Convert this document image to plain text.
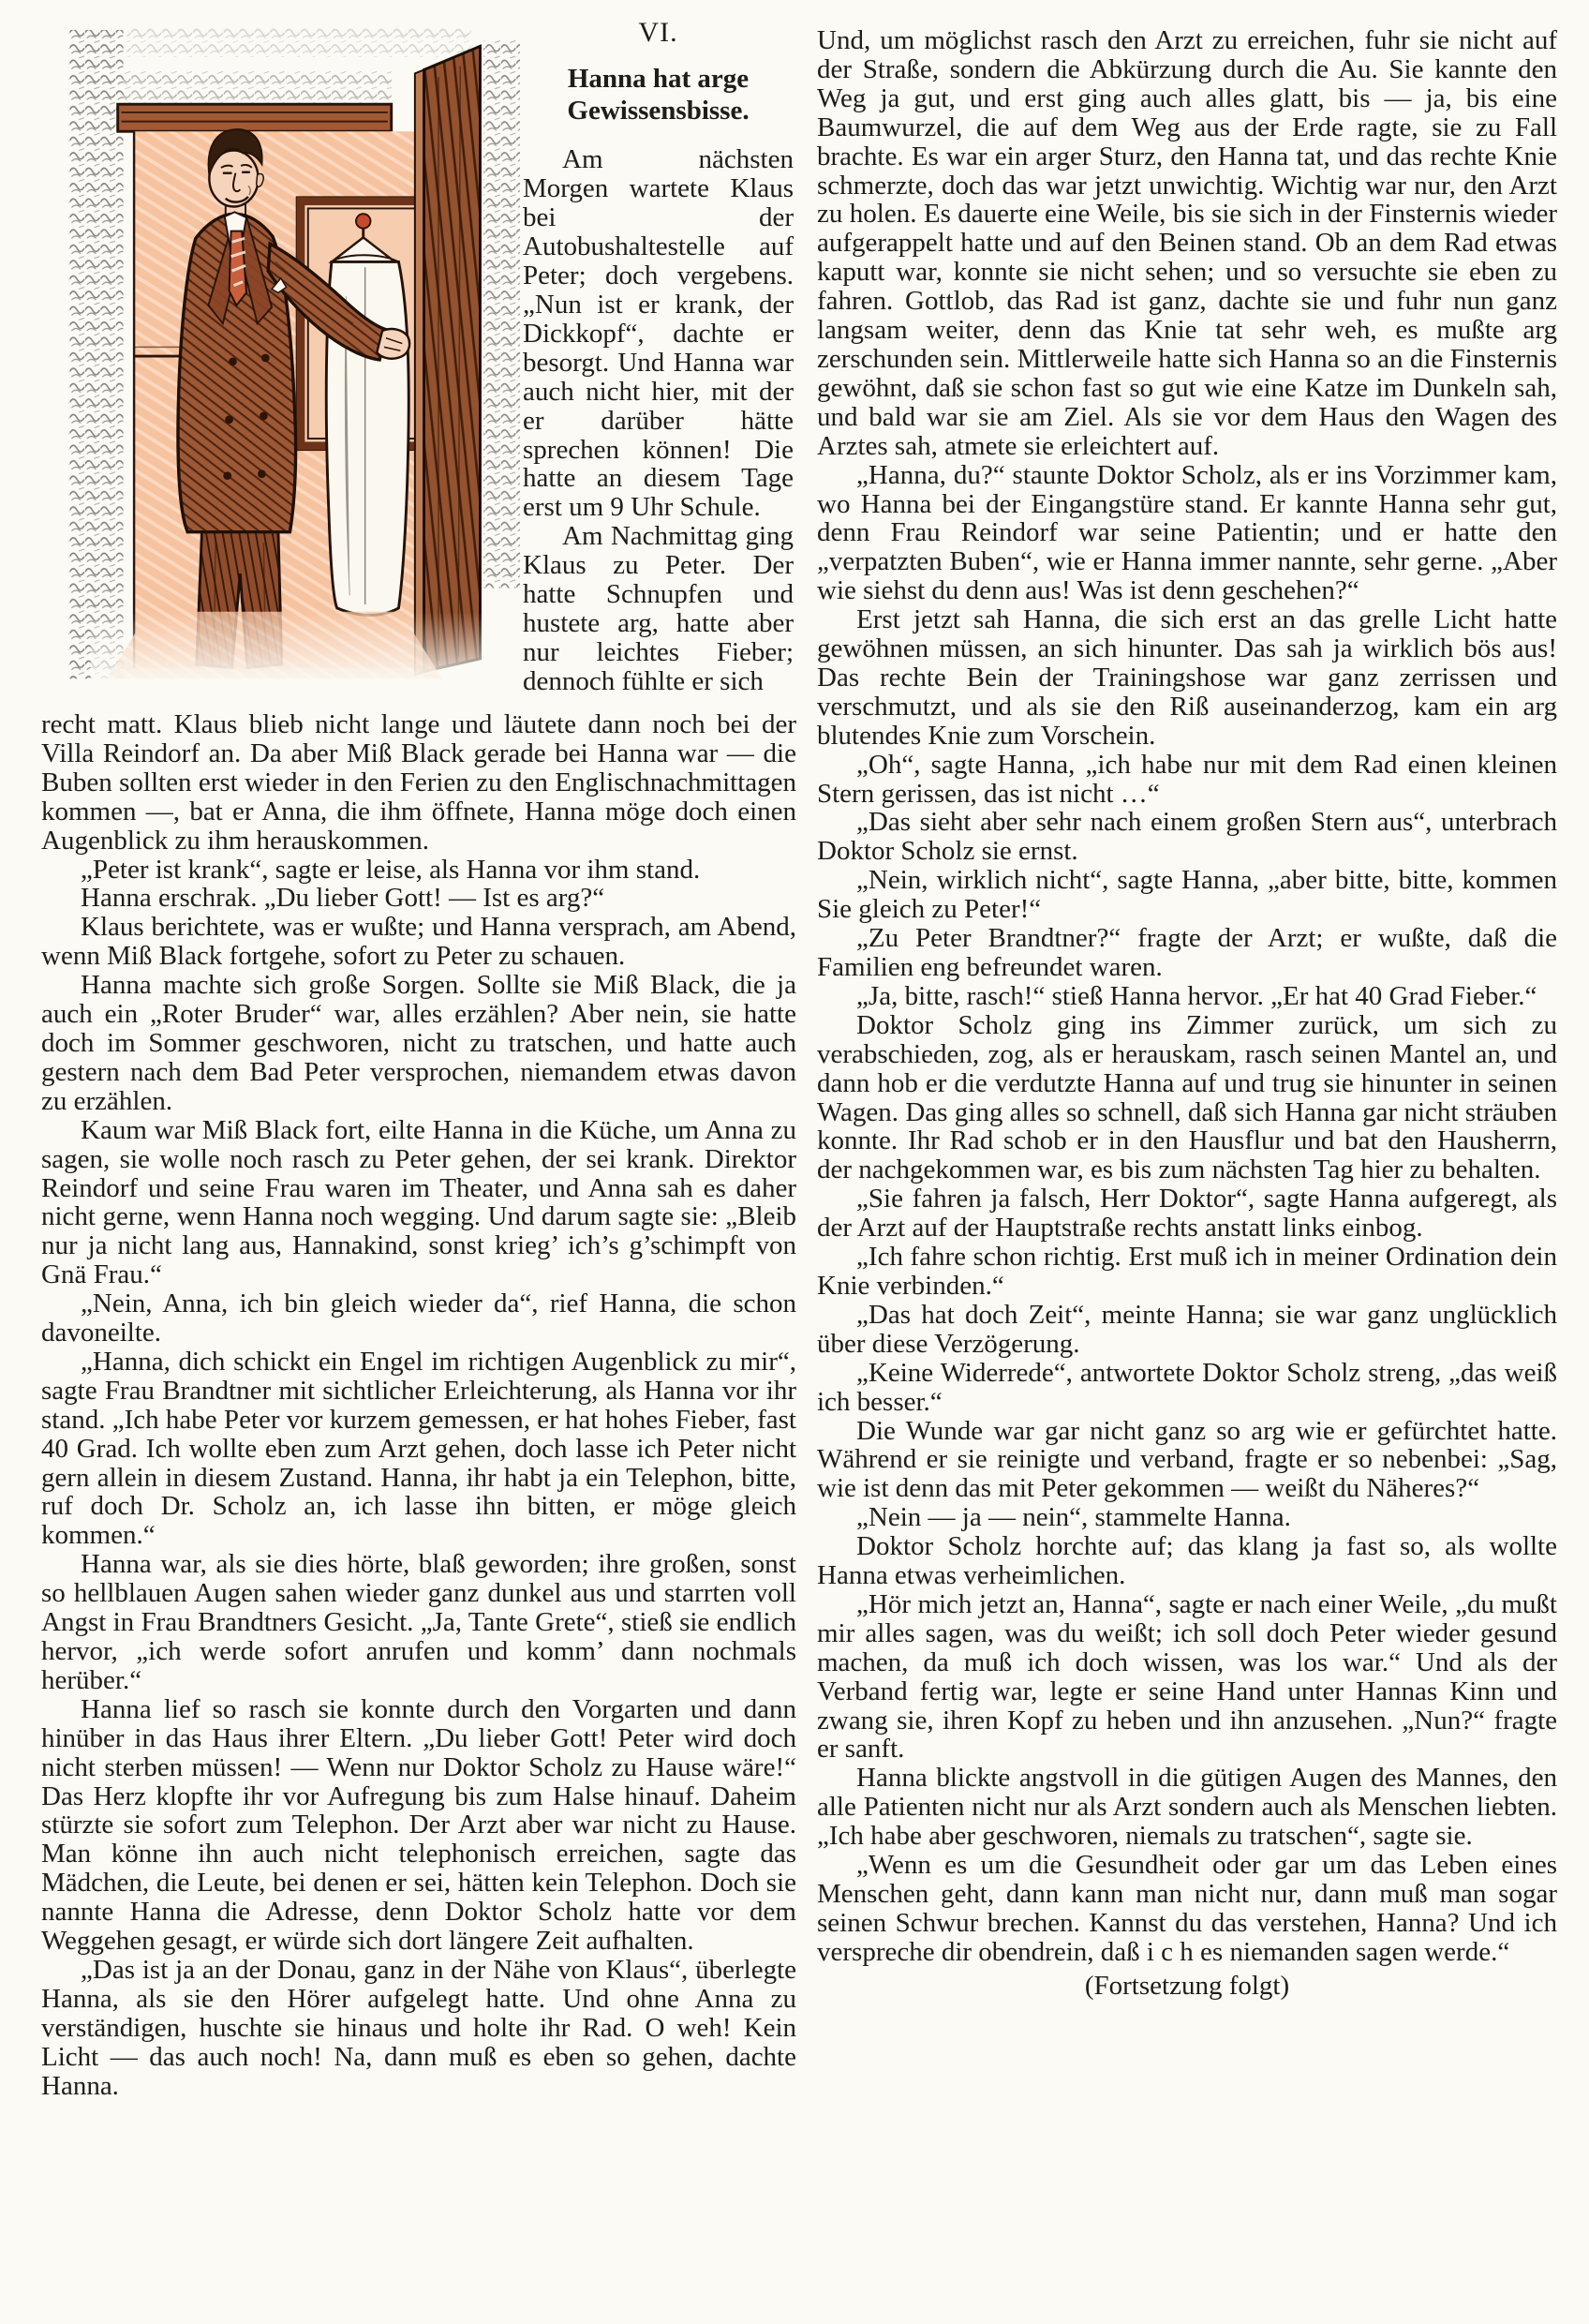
VI.
Hanna hat arge Gewissensbisse.

Am nächsten Morgen wartete Klaus bei der Autobushaltestelle auf Peter; doch vergebens. „Nun ist er krank, der Dickkopf“, dachte er besorgt. Und Hanna war auch nicht hier, mit der er darüber hätte sprechen können! Die hatte an diesem Tage erst um 9 Uhr Schule.

Am Nachmittag ging Klaus zu Peter. Der hatte Schnupfen und hustete arg, hatte aber nur leichtes Fieber; dennoch fühlte er sich

recht matt. Klaus blieb nicht lange und läutete dann noch bei der Villa Reindorf an. Da aber Miß Black gerade bei Hanna war — die Buben sollten erst wieder in den Ferien zu den Englischnachmittagen kommen —, bat er Anna, die ihm öffnete, Hanna möge doch einen Augenblick zu ihm herauskommen.

„Peter ist krank“, sagte er leise, als Hanna vor ihm stand.

Hanna erschrak. „Du lieber Gott! — Ist es arg?“

Klaus berichtete, was er wußte; und Hanna versprach, am Abend, wenn Miß Black fortgehe, sofort zu Peter zu schauen.

Hanna machte sich große Sorgen. Sollte sie Miß Black, die ja auch ein „Roter Bruder“ war, alles erzählen? Aber nein, sie hatte doch im Sommer geschworen, nicht zu tratschen, und hatte auch gestern nach dem Bad Peter versprochen, niemandem etwas davon zu erzählen.

Kaum war Miß Black fort, eilte Hanna in die Küche, um Anna zu sagen, sie wolle noch rasch zu Peter gehen, der sei krank. Direktor Reindorf und seine Frau waren im Theater, und Anna sah es daher nicht gerne, wenn Hanna noch wegging. Und darum sagte sie: „Bleib nur ja nicht lang aus, Hannakind, sonst krieg’ ich’s g’schimpft von Gnä Frau.“

„Nein, Anna, ich bin gleich wieder da“, rief Hanna, die schon davoneilte.

„Hanna, dich schickt ein Engel im richtigen Augenblick zu mir“, sagte Frau Brandtner mit sichtlicher Erleichterung, als Hanna vor ihr stand. „Ich habe Peter vor kurzem gemessen, er hat hohes Fieber, fast 40 Grad. Ich wollte eben zum Arzt gehen, doch lasse ich Peter nicht gern allein in diesem Zustand. Hanna, ihr habt ja ein Telephon, bitte, ruf doch Dr. Scholz an, ich lasse ihn bitten, er möge gleich kommen.“

Hanna war, als sie dies hörte, blaß geworden; ihre großen, sonst so hellblauen Augen sahen wieder ganz dunkel aus und starrten voll Angst in Frau Brandtners Gesicht. „Ja, Tante Grete“, stieß sie endlich hervor, „ich werde sofort anrufen und komm’ dann nochmals herüber.“

Hanna lief so rasch sie konnte durch den Vorgarten und dann hinüber in das Haus ihrer Eltern. „Du lieber Gott! Peter wird doch nicht sterben müssen! — Wenn nur Doktor Scholz zu Hause wäre!“ Das Herz klopfte ihr vor Aufregung bis zum Halse hinauf. Daheim stürzte sie sofort zum Telephon. Der Arzt aber war nicht zu Hause. Man könne ihn auch nicht telephonisch erreichen, sagte das Mädchen, die Leute, bei denen er sei, hätten kein Telephon. Doch sie nannte Hanna die Adresse, denn Doktor Scholz hatte vor dem Weggehen gesagt, er würde sich dort längere Zeit aufhalten.

„Das ist ja an der Donau, ganz in der Nähe von Klaus“, überlegte Hanna, als sie den Hörer aufgelegt hatte. Und ohne Anna zu verständigen, huschte sie hinaus und holte ihr Rad. O weh! Kein Licht — das auch noch! Na, dann muß es eben so gehen, dachte Hanna.

Und, um möglichst rasch den Arzt zu erreichen, fuhr sie nicht auf der Straße, sondern die Abkürzung durch die Au. Sie kannte den Weg ja gut, und erst ging auch alles glatt, bis — ja, bis eine Baumwurzel, die auf dem Weg aus der Erde ragte, sie zu Fall brachte. Es war ein arger Sturz, den Hanna tat, und das rechte Knie schmerzte, doch das war jetzt unwichtig. Wichtig war nur, den Arzt zu holen. Es dauerte eine Weile, bis sie sich in der Finsternis wieder aufgerappelt hatte und auf den Beinen stand. Ob an dem Rad etwas kaputt war, konnte sie nicht sehen; und so versuchte sie eben zu fahren. Gottlob, das Rad ist ganz, dachte sie und fuhr nun ganz langsam weiter, denn das Knie tat sehr weh, es mußte arg zerschunden sein. Mittlerweile hatte sich Hanna so an die Finsternis gewöhnt, daß sie schon fast so gut wie eine Katze im Dunkeln sah, und bald war sie am Ziel. Als sie vor dem Haus den Wagen des Arztes sah, atmete sie erleichtert auf.

„Hanna, du?“ staunte Doktor Scholz, als er ins Vorzimmer kam, wo Hanna bei der Eingangstüre stand. Er kannte Hanna sehr gut, denn Frau Reindorf war seine Patientin; und er hatte den „verpatzten Buben“, wie er Hanna immer nannte, sehr gerne. „Aber wie siehst du denn aus! Was ist denn geschehen?“

Erst jetzt sah Hanna, die sich erst an das grelle Licht hatte gewöhnen müssen, an sich hinunter. Das sah ja wirklich bös aus! Das rechte Bein der Trainingshose war ganz zerrissen und verschmutzt, und als sie den Riß auseinanderzog, kam ein arg blutendes Knie zum Vorschein.

„Oh“, sagte Hanna, „ich habe nur mit dem Rad einen kleinen Stern gerissen, das ist nicht …“

„Das sieht aber sehr nach einem großen Stern aus“, unterbrach Doktor Scholz sie ernst.

„Nein, wirklich nicht“, sagte Hanna, „aber bitte, bitte, kommen Sie gleich zu Peter!“

„Zu Peter Brandtner?“ fragte der Arzt; er wußte, daß die Familien eng befreundet waren.

„Ja, bitte, rasch!“ stieß Hanna hervor. „Er hat 40 Grad Fieber.“

Doktor Scholz ging ins Zimmer zurück, um sich zu verabschieden, zog, als er herauskam, rasch seinen Mantel an, und dann hob er die verdutzte Hanna auf und trug sie hinunter in seinen Wagen. Das ging alles so schnell, daß sich Hanna gar nicht sträuben konnte. Ihr Rad schob er in den Hausflur und bat den Hausherrn, der nachgekommen war, es bis zum nächsten Tag hier zu behalten.

„Sie fahren ja falsch, Herr Doktor“, sagte Hanna aufgeregt, als der Arzt auf der Hauptstraße rechts anstatt links einbog.

„Ich fahre schon richtig. Erst muß ich in meiner Ordination dein Knie verbinden.“

„Das hat doch Zeit“, meinte Hanna; sie war ganz unglücklich über diese Verzögerung.

„Keine Widerrede“, antwortete Doktor Scholz streng, „das weiß ich besser.“

Die Wunde war gar nicht ganz so arg wie er gefürchtet hatte. Während er sie reinigte und verband, fragte er so nebenbei: „Sag, wie ist denn das mit Peter gekommen — weißt du Näheres?“

„Nein — ja — nein“, stammelte Hanna.

Doktor Scholz horchte auf; das klang ja fast so, als wollte Hanna etwas verheimlichen.

„Hör mich jetzt an, Hanna“, sagte er nach einer Weile, „du mußt mir alles sagen, was du weißt; ich soll doch Peter wieder gesund machen, da muß ich doch wissen, was los war.“ Und als der Verband fertig war, legte er seine Hand unter Hannas Kinn und zwang sie, ihren Kopf zu heben und ihn anzusehen. „Nun?“ fragte er sanft.

Hanna blickte angstvoll in die gütigen Augen des Mannes, den alle Patienten nicht nur als Arzt sondern auch als Menschen liebten. „Ich habe aber geschworen, niemals zu tratschen“, sagte sie.

„Wenn es um die Gesundheit oder gar um das Leben eines Menschen geht, dann kann man nicht nur, dann muß man sogar seinen Schwur brechen. Kannst du das verstehen, Hanna? Und ich verspreche dir obendrein, daß i c h es niemanden sagen werde.“

(Fortsetzung folgt)
